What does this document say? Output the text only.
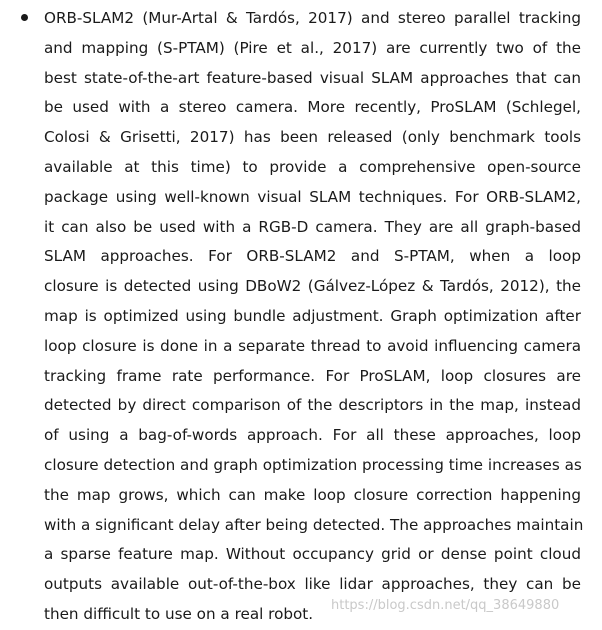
ORB-SLAM2 (Mur-Artal & Tardós, 2017) and stereo parallel tracking
and mapping (S-PTAM) (Pire et al., 2017) are currently two of the
best state-of-the-art feature-based visual SLAM approaches that can
be used with a stereo camera. More recently, ProSLAM (Schlegel,
Colosi & Grisetti, 2017) has been released (only benchmark tools
available at this time) to provide a comprehensive open-source
package using well-known visual SLAM techniques. For ORB-SLAM2,
it can also be used with a RGB-D camera. They are all graph-based
SLAM approaches. For ORB-SLAM2 and S-PTAM, when a loop
closure is detected using DBoW2 (Gálvez-López & Tardós, 2012), the
map is optimized using bundle adjustment. Graph optimization after
loop closure is done in a separate thread to avoid influencing camera
tracking frame rate performance. For ProSLAM, loop closures are
detected by direct comparison of the descriptors in the map, instead
of using a bag-of-words approach. For all these approaches, loop
closure detection and graph optimization processing time increases as
the map grows, which can make loop closure correction happening
with a significant delay after being detected. The approaches maintain
a sparse feature map. Without occupancy grid or dense point cloud
outputs available out-of-the-box like lidar approaches, they can be
then difficult to use on a real robot.	https://blog.csdn.net/qq_38649880
